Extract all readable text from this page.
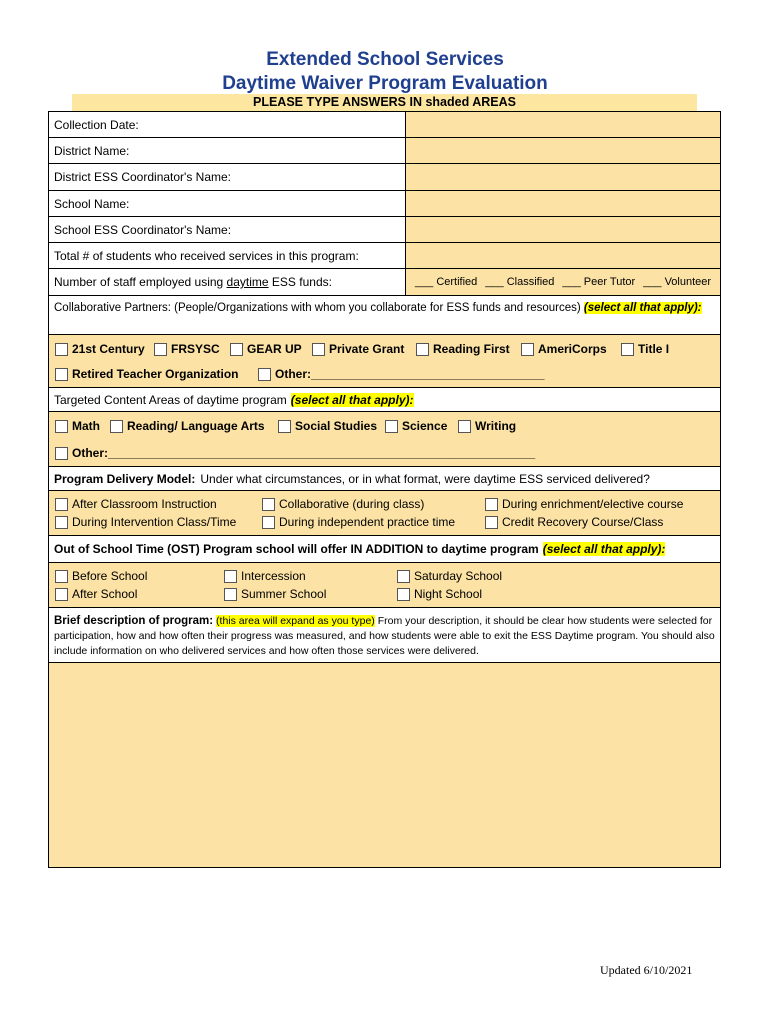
Extended School Services
Daytime Waiver Program Evaluation
PLEASE TYPE ANSWERS IN shaded AREAS
Collection Date:
District Name:
District ESS Coordinator's Name:
School Name:
School ESS Coordinator's Name:
Total # of students who received services in this program:
Number of staff employed using daytime ESS funds:	___ Certified ___ Classified ___ Peer Tutor ___ Volunteer
Collaborative Partners: (People/Organizations with whom you collaborate for ESS funds and resources) (select all that apply):
21st Century FRSYSC GEAR UP Private Grant Reading First AmeriCorps	Title I
Retired Teacher Organization	Other:___________________________________
Targeted Content Areas of daytime program (select all that apply):
Math Reading/ Language Arts	Social Studies Science Writing
Other:________________________________________________________________
Program Delivery Model: Under what circumstances, or in what format, were daytime ESS serviced delivered?
After Classroom Instruction	Collaborative (during class)	During enrichment/elective course
During Intervention Class/Time	During independent practice time	Credit Recovery Course/Class
Out of School Time (OST) Program school will offer IN ADDITION to daytime program (select all that apply):
Before School	Intercession	Saturday School
After School	Summer School	Night School
Brief description of program: (this area will expand as you type) From your description, it should be clear how students were selected for participation, how and how often their progress was measured, and how students were able to exit the ESS Daytime program. You should also include information on who delivered services and how often those services were delivered.
Updated 6/10/2021
